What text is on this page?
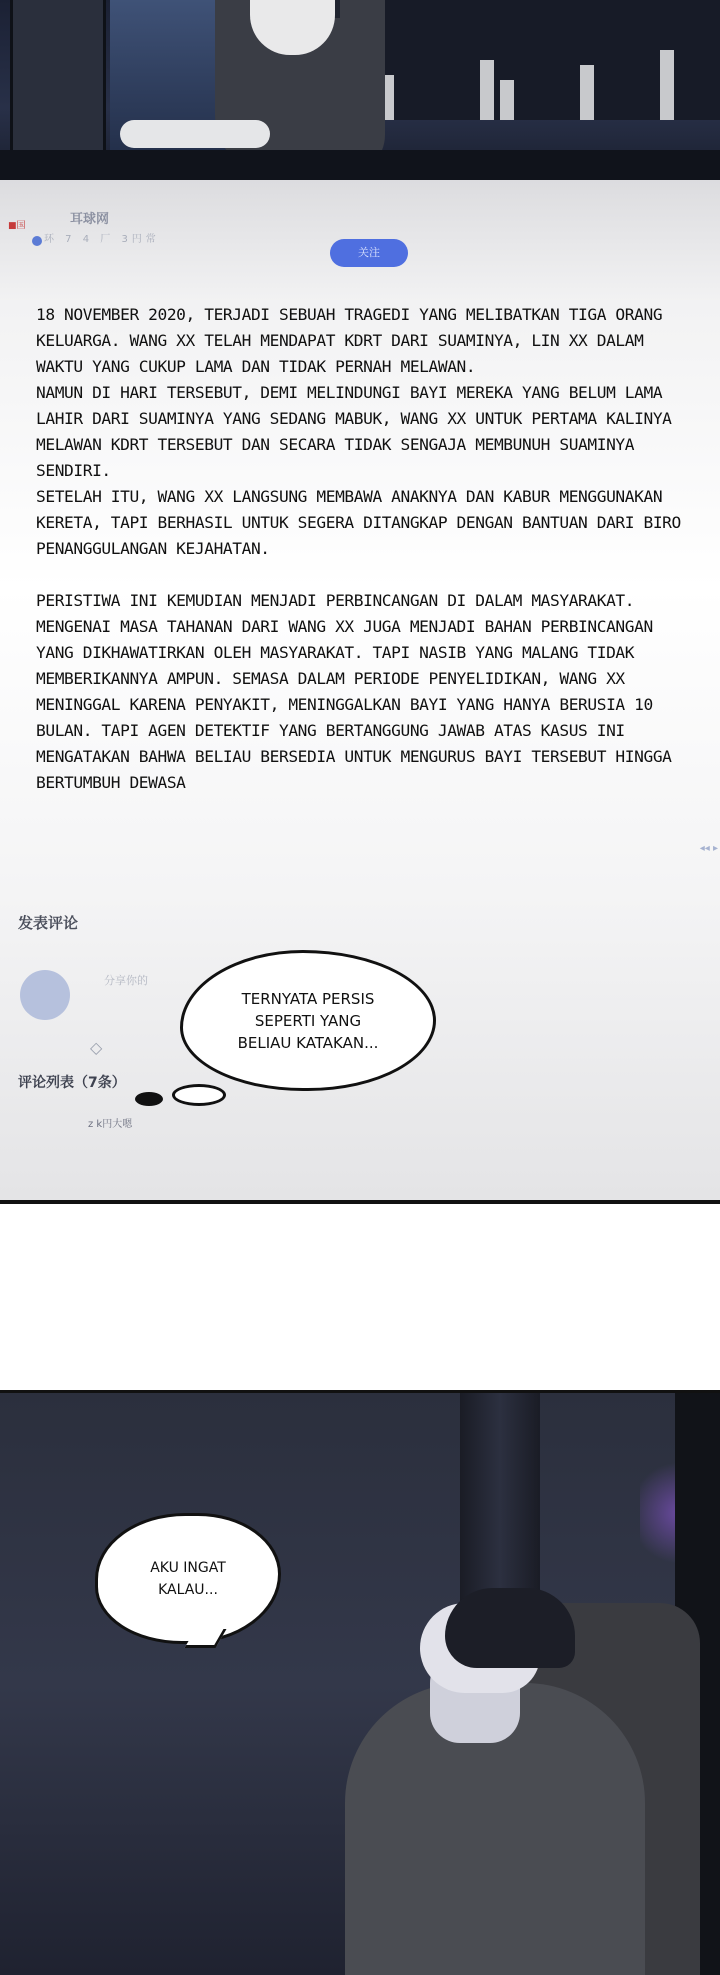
■国	耳球网
环 7 4 厂 3円常
关注

18 NOVEMBER 2020, TERJADI SEBUAH TRAGEDI YANG MELIBATKAN TIGA ORANG KELUARGA. WANG XX TELAH MENDAPAT KDRT DARI SUAMINYA, LIN XX DALAM WAKTU YANG CUKUP LAMA DAN TIDAK PERNAH MELAWAN.
NAMUN DI HARI TERSEBUT, DEMI MELINDUNGI BAYI MEREKA YANG BELUM LAMA LAHIR DARI SUAMINYA YANG SEDANG MABUK, WANG XX UNTUK PERTAMA KALINYA MELAWAN KDRT TERSEBUT DAN SECARA TIDAK SENGAJA MEMBUNUH SUAMINYA SENDIRI.
SETELAH ITU, WANG XX LANGSUNG MEMBAWA ANAKNYA DAN KABUR MENGGUNAKAN KERETA, TAPI BERHASIL UNTUK SEGERA DITANGKAP DENGAN BANTUAN DARI BIRO PENANGGULANGAN KEJAHATAN.

PERISTIWA INI KEMUDIAN MENJADI PERBINCANGAN DI DALAM MASYARAKAT. MENGENAI MASA TAHANAN DARI WANG XX JUGA MENJADI BAHAN PERBINCANGAN YANG DIKHAWATIRKAN OLEH MASYARAKAT. TAPI NASIB YANG MALANG TIDAK MEMBERIKANNYA AMPUN. SEMASA DALAM PERIODE PENYELIDIKAN, WANG XX MENINGGAL KARENA PENYAKIT, MENINGGALKAN BAYI YANG HANYA BERUSIA 10 BULAN. TAPI AGEN DETEKTIF YANG BERTANGGUNG JAWAB ATAS KASUS INI MENGATAKAN BAHWA BELIAU BERSEDIA UNTUK MENGURUS BAYI TERSEBUT HINGGA BERTUMBUH DEWASA

◂◂ ▸
发表评论
分享你的
◇
评论列表（7条）
z k円大嗯
TERNYATA PERSIS SEPERTI YANG BELIAU KATAKAN...
AKU INGAT KALAU...
